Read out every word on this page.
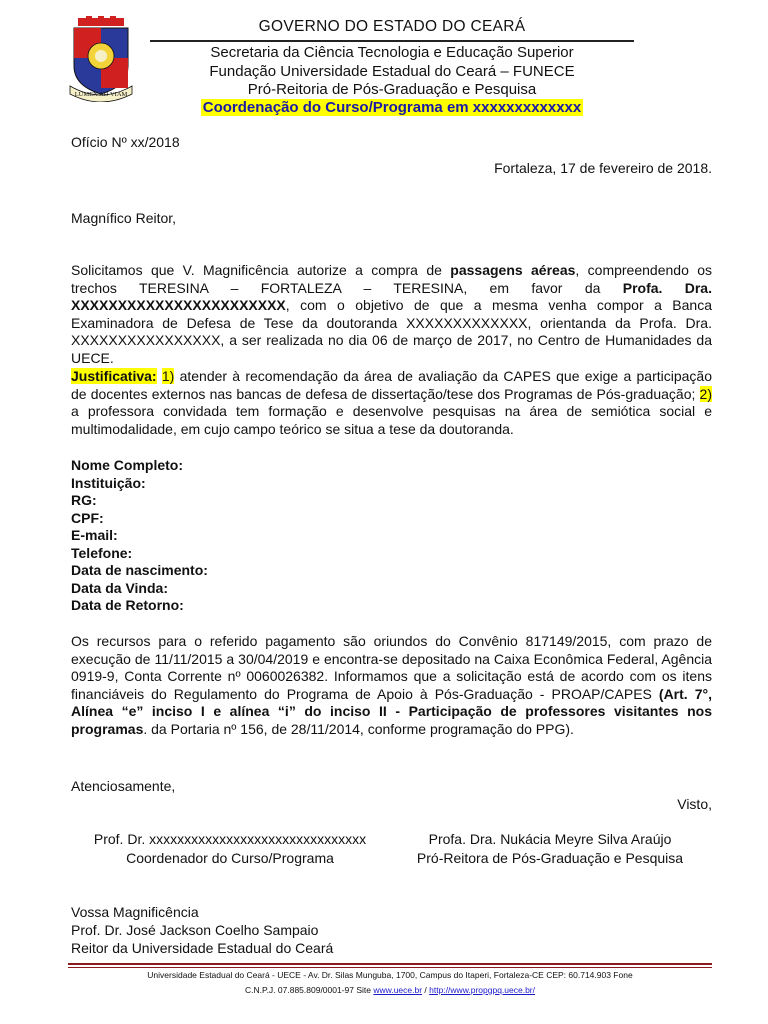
LUMEN AD VIAM
GOVERNO DO ESTADO DO CEARÁ
Secretaria da Ciência Tecnologia e Educação Superior
Fundação Universidade Estadual do Ceará – FUNECE
Pró-Reitoria de Pós-Graduação e Pesquisa
Coordenação do Curso/Programa em xxxxxxxxxxxxx
Ofício Nº xx/2018
Fortaleza, 17 de fevereiro de 2018.
Magnífico Reitor,
Solicitamos que V. Magnificência autorize a compra de passagens aéreas, compreendendo os trechos TERESINA – FORTALEZA – TERESINA, em favor da Profa. Dra. XXXXXXXXXXXXXXXXXXXXXXX, com o objetivo de que a mesma venha compor a Banca Examinadora de Defesa de Tese da doutoranda XXXXXXXXXXXXX, orientanda da Profa. Dra. XXXXXXXXXXXXXXXX, a ser realizada no dia 06 de março de 2017, no Centro de Humanidades da UECE.
Justificativa: 1) atender à recomendação da área de avaliação da CAPES que exige a participação de docentes externos nas bancas de defesa de dissertação/tese dos Programas de Pós-graduação; 2) a professora convidada tem formação e desenvolve pesquisas na área de semiótica social e multimodalidade, em cujo campo teórico se situa a tese da doutoranda.
Nome Completo:
Instituição:
RG:
CPF:
E-mail:
Telefone:
Data de nascimento:
Data da Vinda:
Data de Retorno:
Os recursos para o referido pagamento são oriundos do Convênio 817149/2015, com prazo de execução de 11/11/2015 a 30/04/2019 e encontra-se depositado na Caixa Econômica Federal, Agência 0919-9, Conta Corrente nº 0060026382. Informamos que a solicitação está de acordo com os itens financiáveis do Regulamento do Programa de Apoio à Pós-Graduação - PROAP/CAPES (Art. 7°, Alínea “e” inciso I e alínea “i” do inciso II - Participação de professores visitantes nos programas. da Portaria nº 156, de 28/11/2014, conforme programação do PPG).
Atenciosamente,
Visto,
Prof. Dr. xxxxxxxxxxxxxxxxxxxxxxxxxxxxxxx
Coordenador do Curso/Programa
Profa. Dra. Nukácia Meyre Silva Araújo
Pró-Reitora de Pós-Graduação e Pesquisa
Vossa Magnificência
Prof. Dr. José Jackson Coelho Sampaio
Reitor da Universidade Estadual do Ceará
Universidade Estadual do Ceará - UECE - Av. Dr. Silas Munguba, 1700, Campus do Itaperi, Fortaleza-CE CEP: 60.714.903 Fone
C.N.P.J. 07.885.809/0001-97 Site www.uece.br / http://www.propgpq.uece.br/
